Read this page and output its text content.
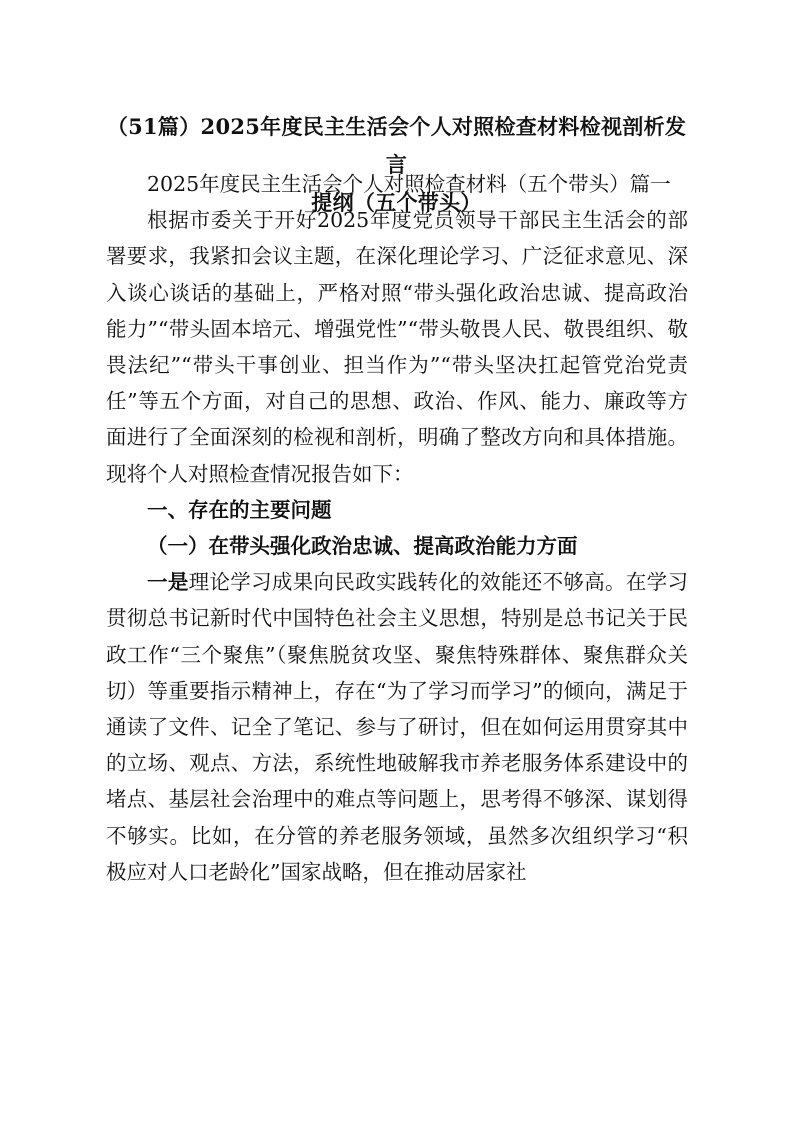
（51篇）2025年度民主生活会个人对照检查材料检视剖析发言
提纲（五个带头）

2025年度民主生活会个人对照检查材料（五个带头）篇一

根据市委关于开好2025年度党员领导干部民主生活会的部署要求，我紧扣会议主题，在深化理论学习、广泛征求意见、深入谈心谈话的基础上，严格对照“带头强化政治忠诚、提高政治能力”“带头固本培元、增强党性”“带头敬畏人民、敬畏组织、敬畏法纪”“带头干事创业、担当作为”“带头坚决扛起管党治党责任”等五个方面，对自己的思想、政治、作风、能力、廉政等方面进行了全面深刻的检视和剖析，明确了整改方向和具体措施。现将个人对照检查情况报告如下：

一、存在的主要问题

（一）在带头强化政治忠诚、提高政治能力方面

一是理论学习成果向民政实践转化的效能还不够高。在学习贯彻总书记新时代中国特色社会主义思想，特别是总书记关于民政工作“三个聚焦”（聚焦脱贫攻坚、聚焦特殊群体、聚焦群众关切）等重要指示精神上，存在“为了学习而学习”的倾向，满足于通读了文件、记全了笔记、参与了研讨，但在如何运用贯穿其中的立场、观点、方法，系统性地破解我市养老服务体系建设中的堵点、基层社会治理中的难点等问题上，思考得不够深、谋划得不够实。比如，在分管的养老服务领域，虽然多次组织学习“积极应对人口老龄化”国家战略，但在推动居家社
